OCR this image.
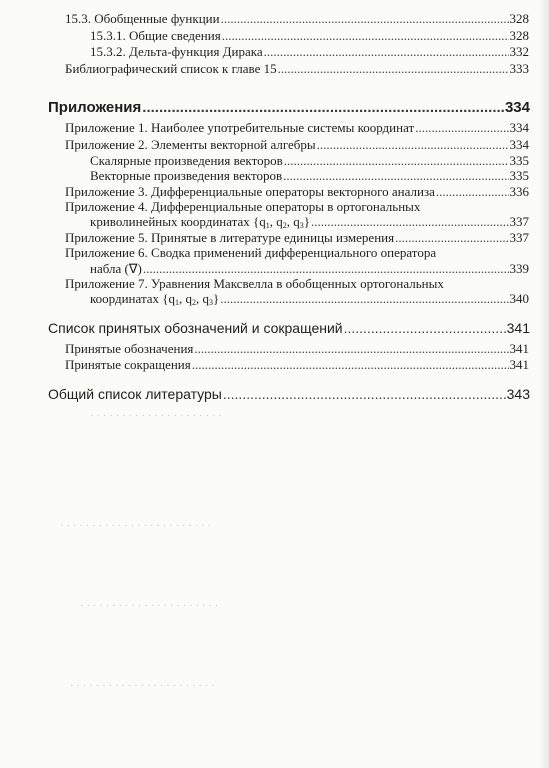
· · · · · · · · · · · · · · · · · · · · ·
· · · · · · · · · · · · · · · · · · · · · · · ·
· · · · · · · · · · · · · · · · · · · · · ·
· · · · · · · · · · · · · · · · · · · · · · ·
15.3. Обобщенные функции .....	328
15.3.1. Общие сведения .....	328
15.3.2. Дельта-функция Дирака .....	332
Библиографический список к главе 15 .....	333
Приложения .....	334
Приложение 1. Наиболее употребительные системы координат .....	334
Приложение 2. Элементы векторной алгебры .....	334
Скалярные произведения векторов .....	335
Векторные произведения векторов .....	335
Приложение 3. Дифференциальные операторы векторного анализа .....	336
Приложение 4. Дифференциальные операторы в ортогональных
криволинейных координатах {$q_1$, $q_2$, $q_3$} .....	337
Приложение 5. Принятые в литературе единицы измерения .....	337
Приложение 6. Сводка применений дифференциального оператора
набла (∇) .....	339
Приложение 7. Уравнения Максвелла в обобщенных ортогональных
координатах {$q_1$, $q_2$, $q_3$} .....	340
Список принятых обозначений и сокращений .....	341
Принятые обозначения .....	341
Принятые сокращения .....	341
Общий список литературы .....	343
